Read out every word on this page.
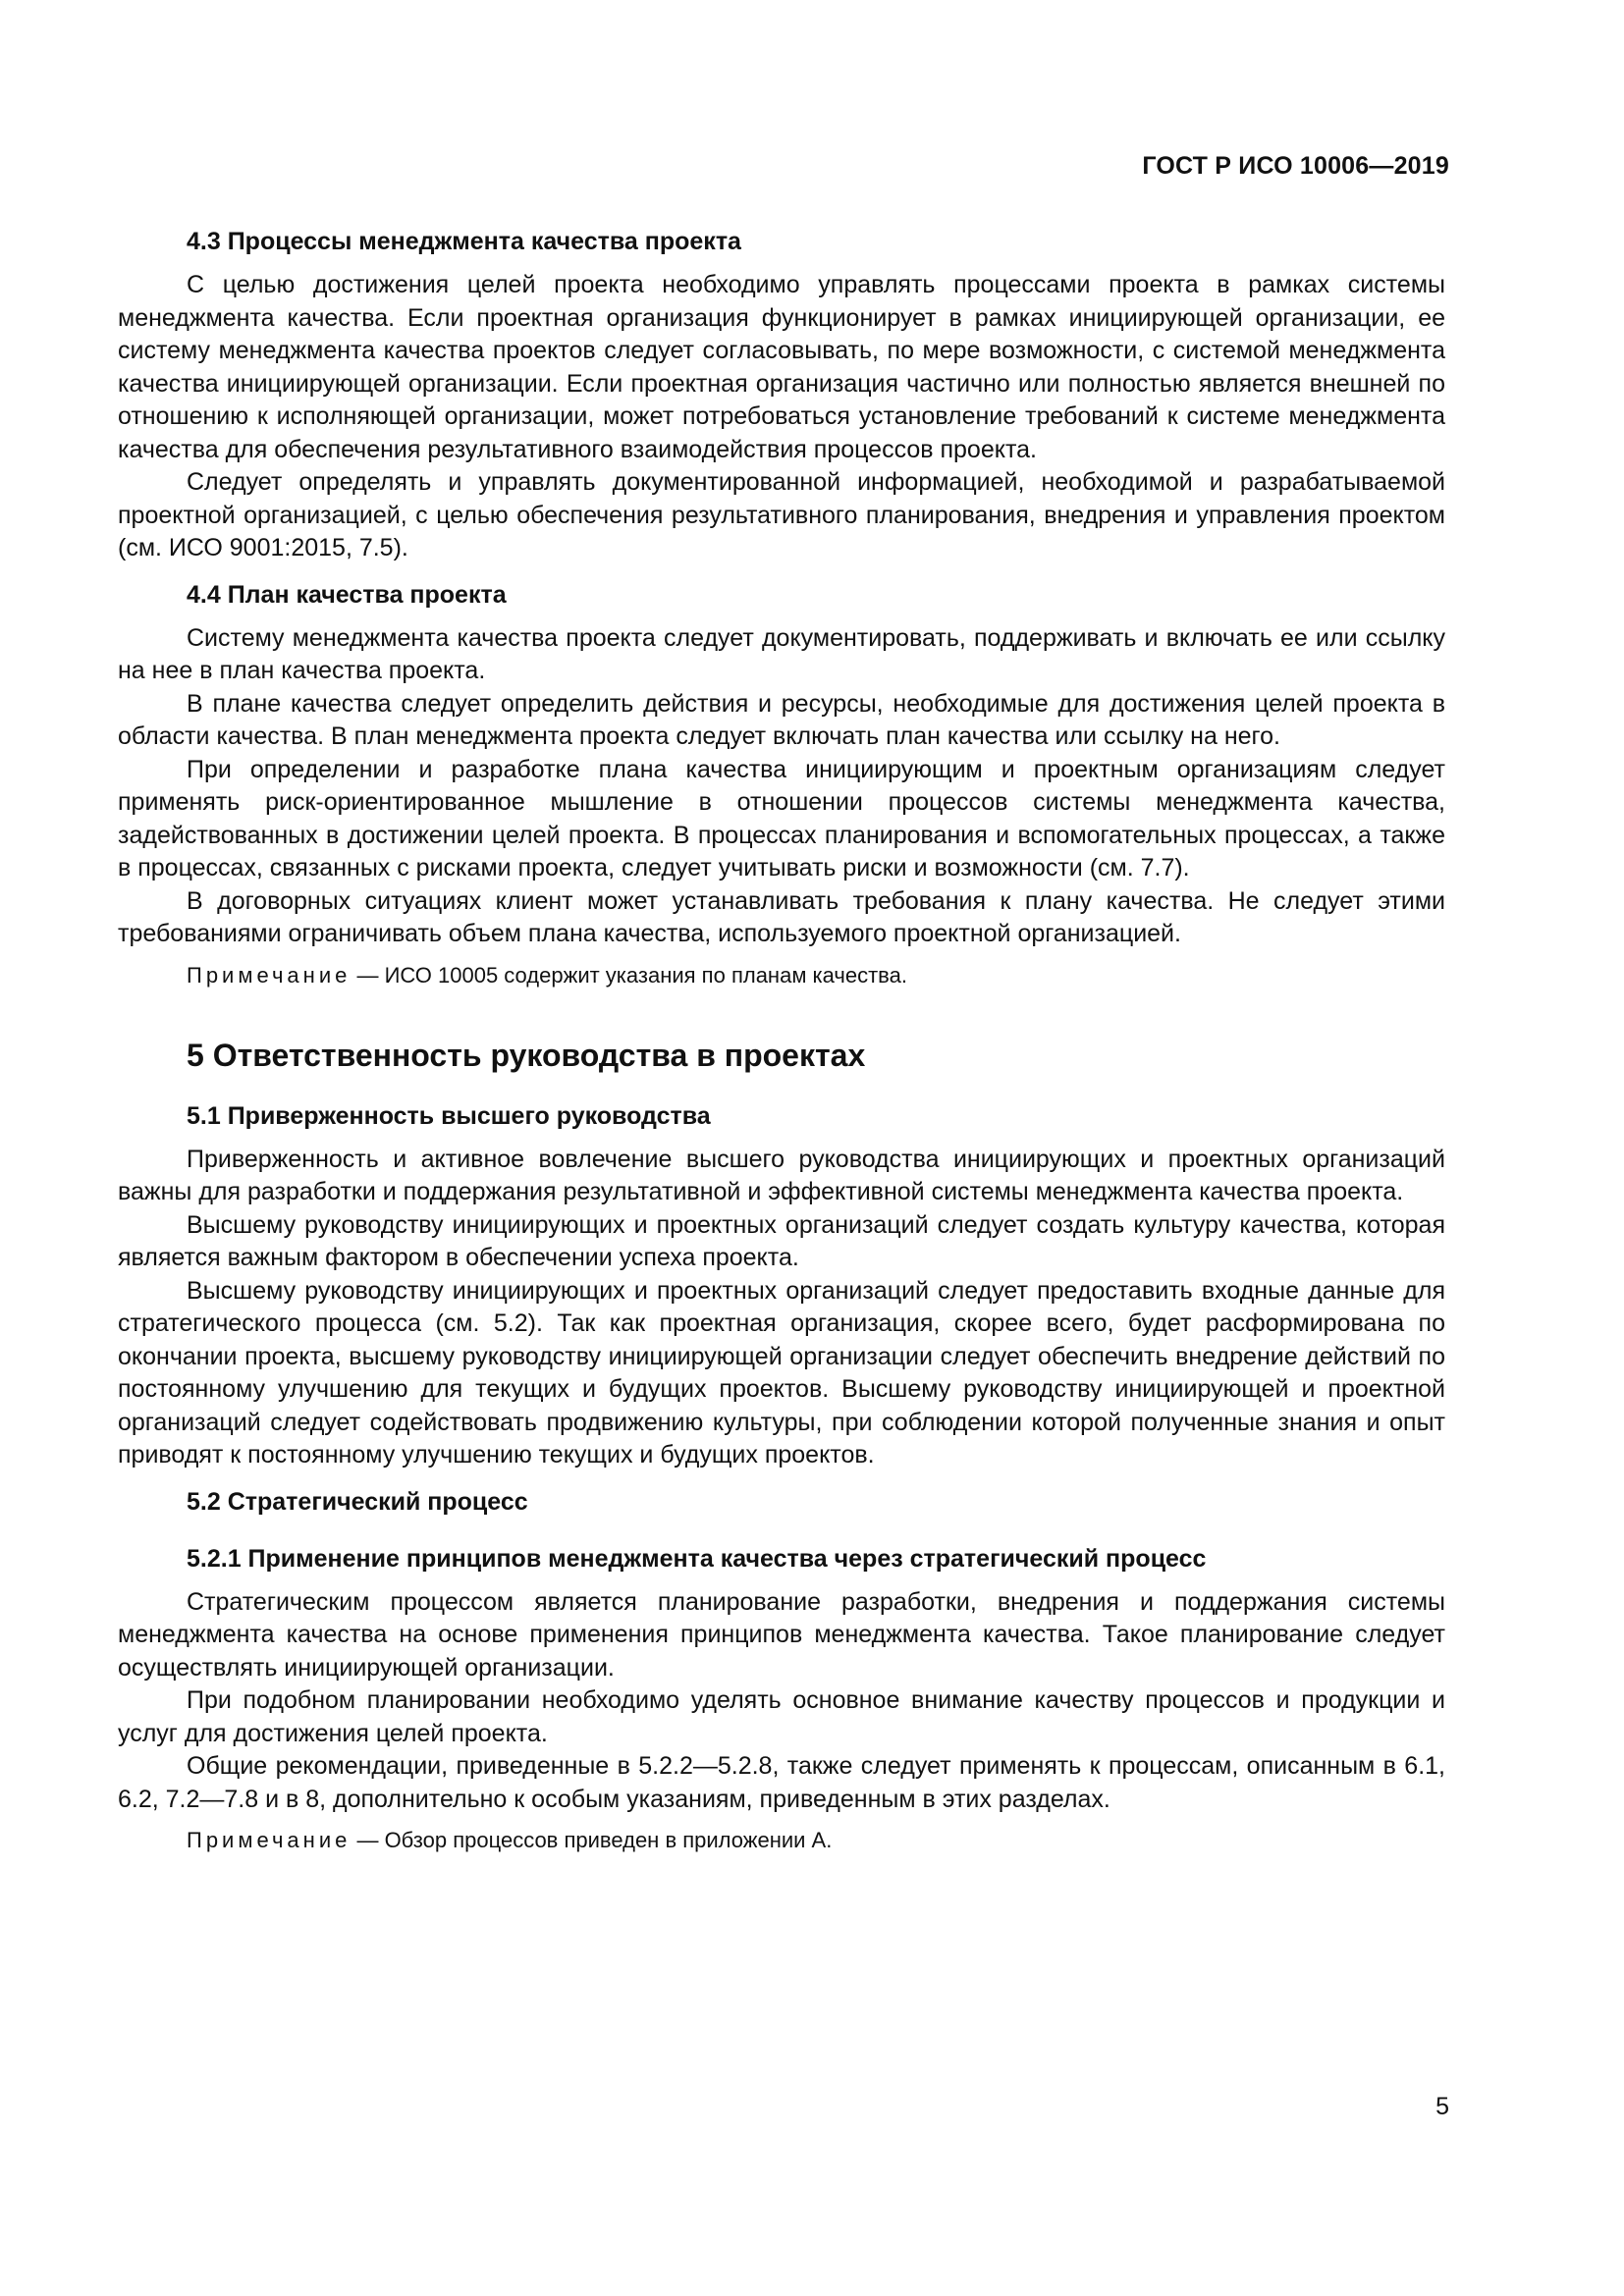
ГОСТ Р ИСО 10006—2019
4.3 Процессы менеджмента качества проекта

С целью достижения целей проекта необходимо управлять процессами проекта в рамках системы менеджмента качества. Если проектная организация функционирует в рамках инициирующей организации, ее систему менеджмента качества проектов следует согласовывать, по мере возможности, с системой менеджмента качества инициирующей организации. Если проектная организация частично или полностью является внешней по отношению к исполняющей организации, может потребоваться установление требований к системе менеджмента качества для обеспечения результативного взаимодействия процессов проекта.

Следует определять и управлять документированной информацией, необходимой и разрабатываемой проектной организацией, с целью обеспечения результативного планирования, внедрения и управления проектом (см. ИСО 9001:2015, 7.5).

4.4 План качества проекта

Систему менеджмента качества проекта следует документировать, поддерживать и включать ее или ссылку на нее в план качества проекта.

В плане качества следует определить действия и ресурсы, необходимые для достижения целей проекта в области качества. В план менеджмента проекта следует включать план качества или ссылку на него.

При определении и разработке плана качества инициирующим и проектным организациям следует применять риск-ориентированное мышление в отношении процессов системы менеджмента качества, задействованных в достижении целей проекта. В процессах планирования и вспомогательных процессах, а также в процессах, связанных с рисками проекта, следует учитывать риски и возможности (см. 7.7).

В договорных ситуациях клиент может устанавливать требования к плану качества. Не следует этими требованиями ограничивать объем плана качества, используемого проектной организацией.

Примечание — ИСО 10005 содержит указания по планам качества.
5 Ответственность руководства в проектах
5.1 Приверженность высшего руководства

Приверженность и активное вовлечение высшего руководства инициирующих и проектных организаций важны для разработки и поддержания результативной и эффективной системы менеджмента качества проекта.

Высшему руководству инициирующих и проектных организаций следует создать культуру качества, которая является важным фактором в обеспечении успеха проекта.

Высшему руководству инициирующих и проектных организаций следует предоставить входные данные для стратегического процесса (см. 5.2). Так как проектная организация, скорее всего, будет расформирована по окончании проекта, высшему руководству инициирующей организации следует обеспечить внедрение действий по постоянному улучшению для текущих и будущих проектов. Высшему руководству инициирующей и проектной организаций следует содействовать продвижению культуры, при соблюдении которой полученные знания и опыт приводят к постоянному улучшению текущих и будущих проектов.

5.2 Стратегический процесс
5.2.1 Применение принципов менеджмента качества через стратегический процесс

Стратегическим процессом является планирование разработки, внедрения и поддержания системы менеджмента качества на основе применения принципов менеджмента качества. Такое планирование следует осуществлять инициирующей организации.

При подобном планировании необходимо уделять основное внимание качеству процессов и продукции и услуг для достижения целей проекта.

Общие рекомендации, приведенные в 5.2.2—5.2.8, также следует применять к процессам, описанным в 6.1, 6.2, 7.2—7.8 и в 8, дополнительно к особым указаниям, приведенным в этих разделах.

Примечание — Обзор процессов приведен в приложении А.
5
